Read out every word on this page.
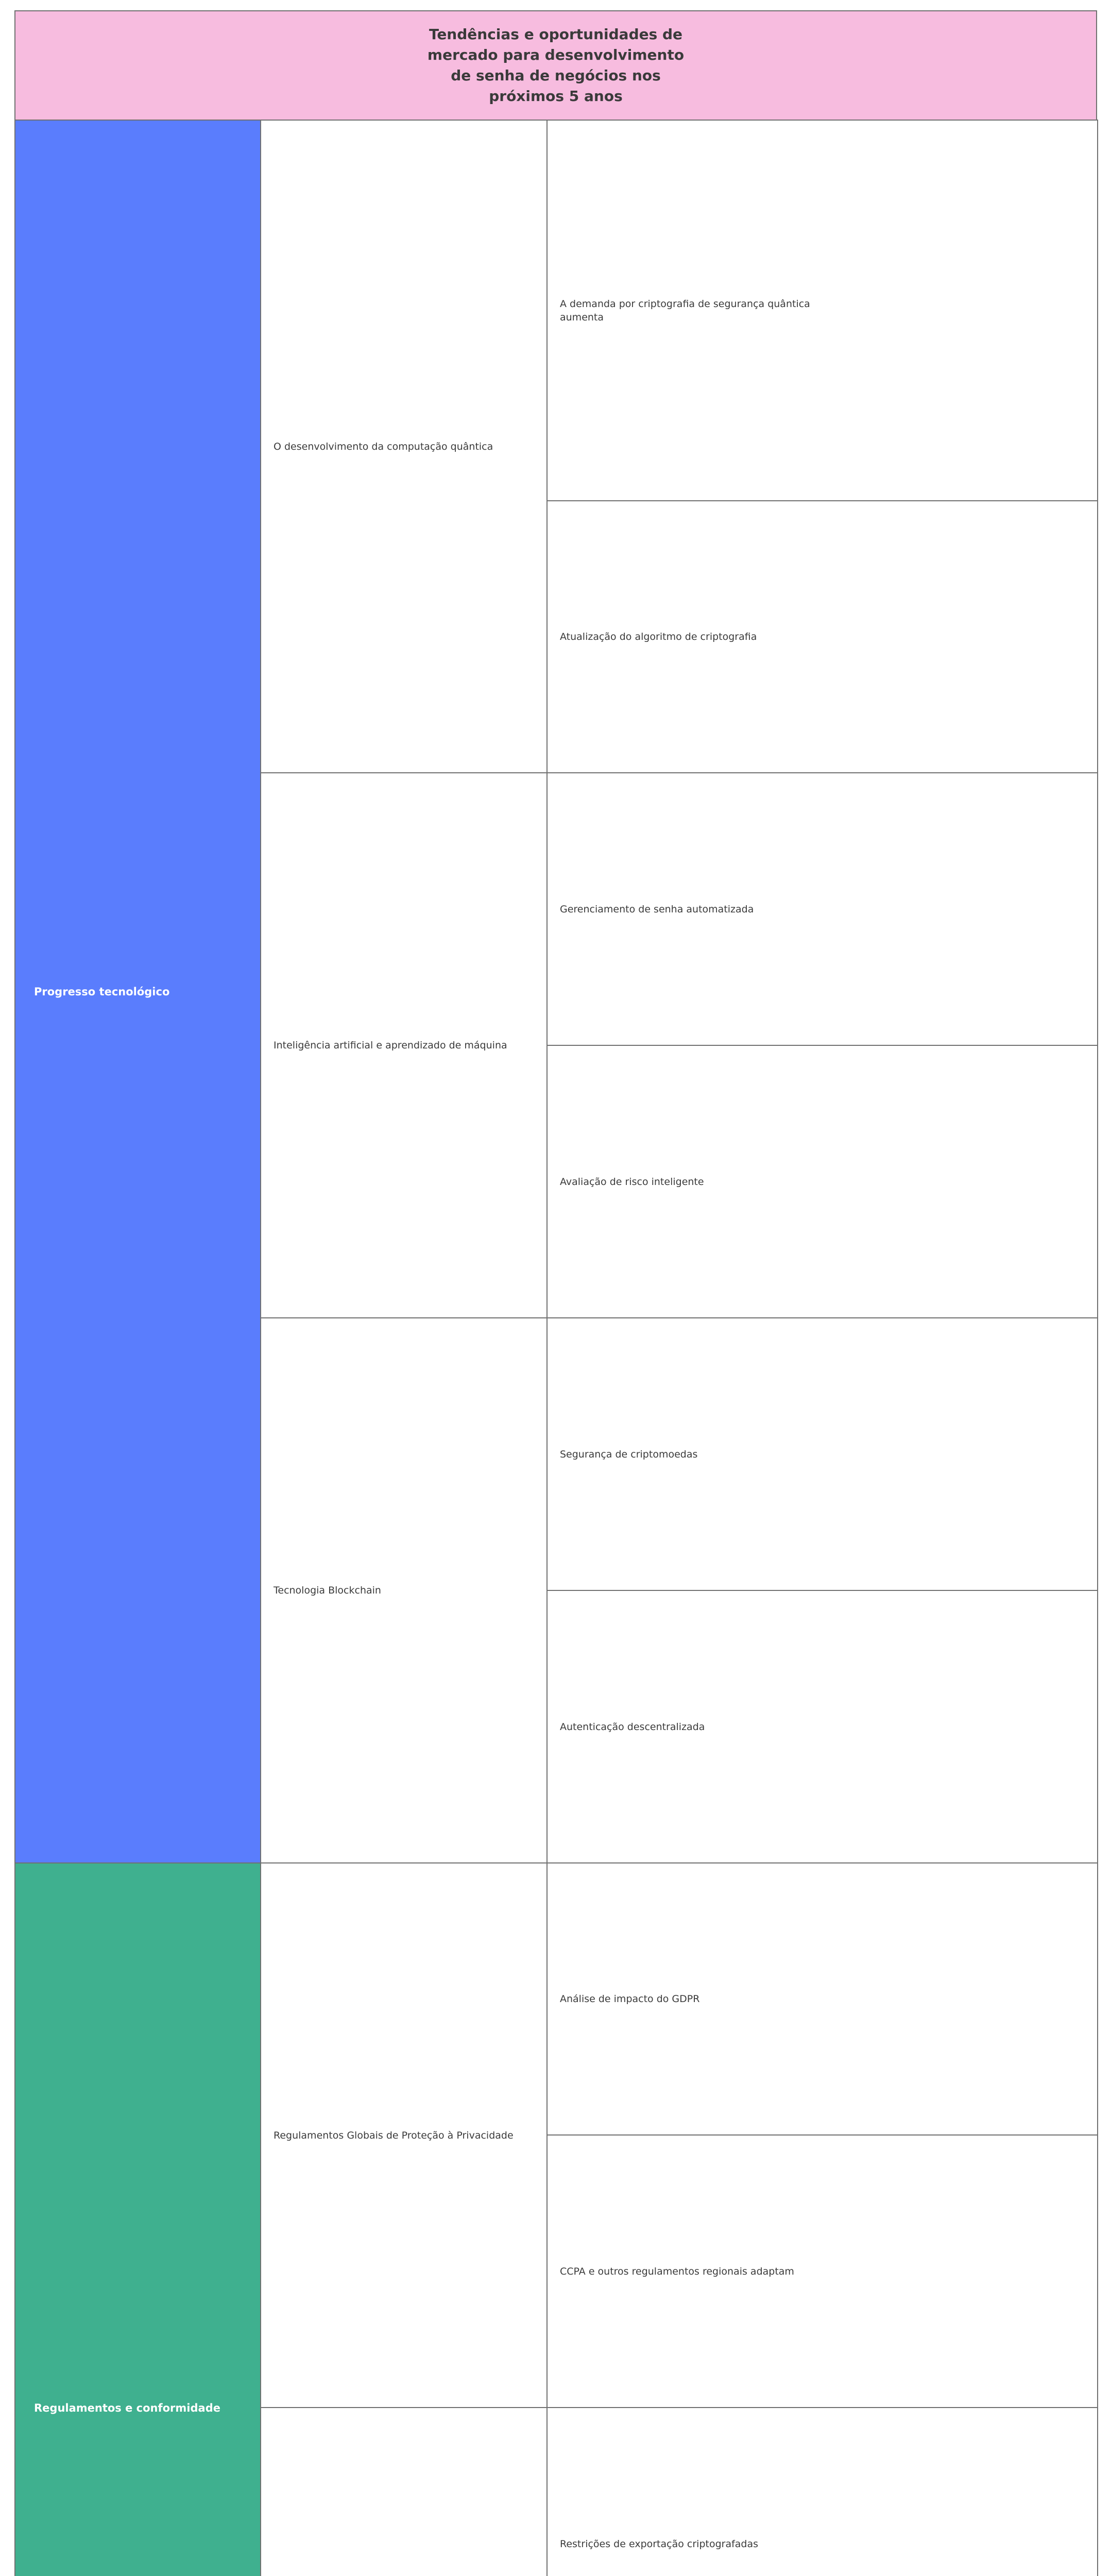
Tendências e oportunidades de mercado para desenvolvimento de senha de negócios nos próximos 5 anos
Progresso tecnológico
O desenvolvimento da computação quântica
A demanda por criptografia de segurança quântica aumenta
Atualização do algoritmo de criptografia
Inteligência artificial e aprendizado de máquina
Gerenciamento de senha automatizada
Avaliação de risco inteligente
Tecnologia Blockchain
Segurança de criptomoedas
Autenticação descentralizada
Regulamentos e conformidade
Regulamentos Globais de Proteção à Privacidade
Análise de impacto do GDPR
CCPA e outros regulamentos regionais adaptam
Restrições de exportação criptografadas
